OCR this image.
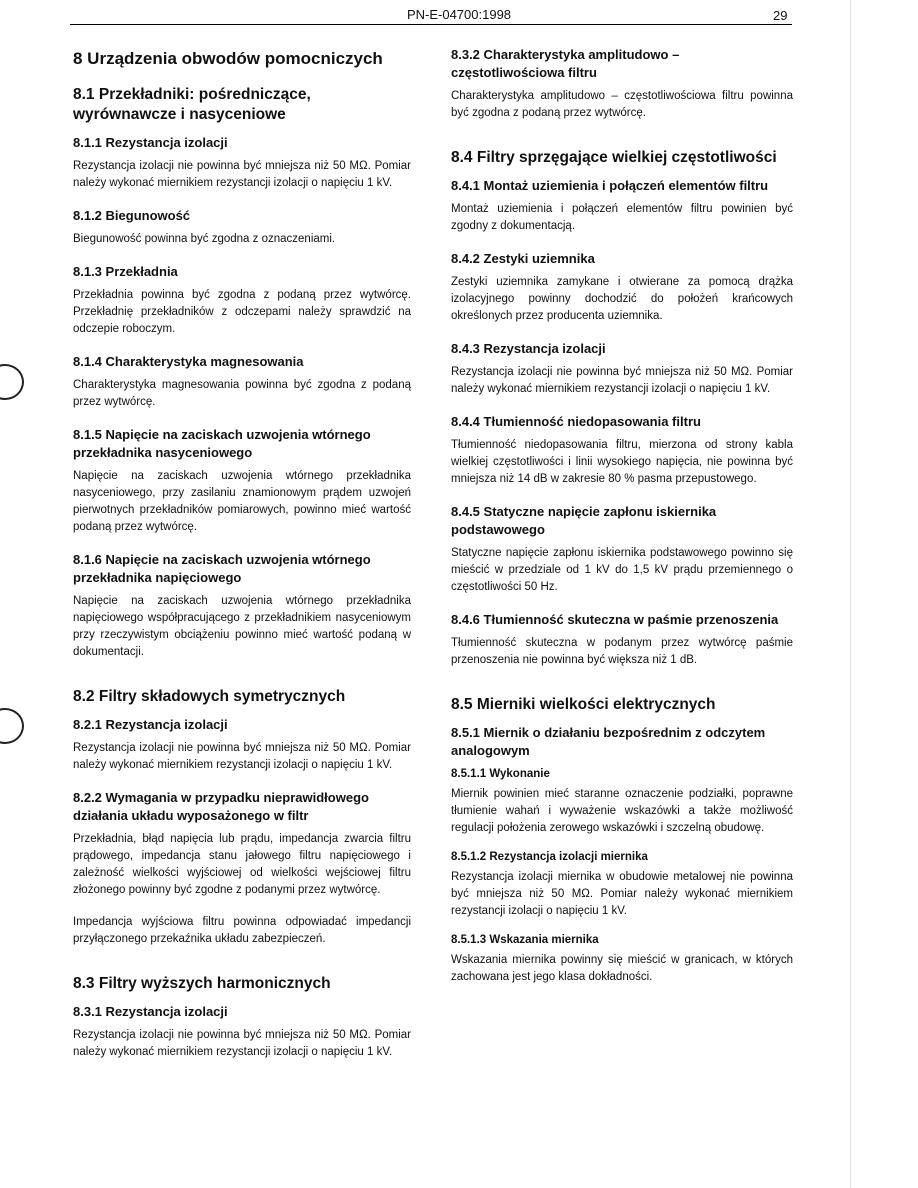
PN-E-04700:1998	29
8 Urządzenia obwodów pomocniczych
8.1 Przekładniki: pośredniczące, wyrównawcze i nasyceniowe
8.1.1 Rezystancja izolacji

Rezystancja izolacji nie powinna być mniejsza niż 50 MΩ. Pomiar należy wykonać miernikiem rezystancji izolacji o napięciu 1 kV.

8.1.2 Biegunowość

Biegunowość powinna być zgodna z oznaczeniami.

8.1.3 Przekładnia

Przekładnia powinna być zgodna z podaną przez wytwórcę. Przekładnię przekładników z odczepami należy sprawdzić na odczepie roboczym.

8.1.4 Charakterystyka magnesowania

Charakterystyka magnesowania powinna być zgodna z podaną przez wytwórcę.

8.1.5 Napięcie na zaciskach uzwojenia wtórnego przekładnika nasyceniowego

Napięcie na zaciskach uzwojenia wtórnego przekładnika nasyceniowego, przy zasilaniu znamionowym prądem uzwojeń pierwotnych przekładników pomiarowych, powinno mieć wartość podaną przez wytwórcę.

8.1.6 Napięcie na zaciskach uzwojenia wtórnego przekładnika napięciowego

Napięcie na zaciskach uzwojenia wtórnego przekładnika napięciowego współpracującego z przekładnikiem nasyceniowym przy rzeczywistym obciążeniu powinno mieć wartość podaną w dokumentacji.

8.2 Filtry składowych symetrycznych
8.2.1 Rezystancja izolacji

Rezystancja izolacji nie powinna być mniejsza niż 50 MΩ. Pomiar należy wykonać miernikiem rezystancji izolacji o napięciu 1 kV.

8.2.2 Wymagania w przypadku nieprawidłowego działania układu wyposażonego w filtr

Przekładnia, błąd napięcia lub prądu, impedancja zwarcia filtru prądowego, impedancja stanu jałowego filtru napięciowego i zależność wielkości wyjściowej od wielkości wejściowej filtru złożonego powinny być zgodne z podanymi przez wytwórcę.

Impedancja wyjściowa filtru powinna odpowiadać impedancji przyłączonego przekaźnika układu zabezpieczeń.

8.3 Filtry wyższych harmonicznych
8.3.1 Rezystancja izolacji

Rezystancja izolacji nie powinna być mniejsza niż 50 MΩ. Pomiar należy wykonać miernikiem rezystancji izolacji o napięciu 1 kV.

8.3.2 Charakterystyka amplitudowo – częstotliwościowa filtru

Charakterystyka amplitudowo – częstotliwościowa filtru powinna być zgodna z podaną przez wytwórcę.

8.4 Filtry sprzęgające wielkiej częstotliwości
8.4.1 Montaż uziemienia i połączeń elementów filtru

Montaż uziemienia i połączeń elementów filtru powinien być zgodny z dokumentacją.

8.4.2 Zestyki uziemnika

Zestyki uziemnika zamykane i otwierane za pomocą drążka izolacyjnego powinny dochodzić do położeń krańcowych określonych przez producenta uziemnika.

8.4.3 Rezystancja izolacji

Rezystancja izolacji nie powinna być mniejsza niż 50 MΩ. Pomiar należy wykonać miernikiem rezystancji izolacji o napięciu 1 kV.

8.4.4 Tłumienność niedopasowania filtru

Tłumienność niedopasowania filtru, mierzona od strony kabla wielkiej częstotliwości i linii wysokiego napięcia, nie powinna być mniejsza niż 14 dB w zakresie 80 % pasma przepustowego.

8.4.5 Statyczne napięcie zapłonu iskiernika podstawowego

Statyczne napięcie zapłonu iskiernika podstawowego powinno się mieścić w przedziale od 1 kV do 1,5 kV prądu przemiennego o częstotliwości 50 Hz.

8.4.6 Tłumienność skuteczna w paśmie przenoszenia

Tłumienność skuteczna w podanym przez wytwórcę paśmie przenoszenia nie powinna być większa niż 1 dB.

8.5 Mierniki wielkości elektrycznych
8.5.1 Miernik o działaniu bezpośrednim z odczytem analogowym
8.5.1.1 Wykonanie

Miernik powinien mieć staranne oznaczenie podziałki, poprawne tłumienie wahań i wyważenie wskazówki a także możliwość regulacji położenia zerowego wskazówki i szczelną obudowę.

8.5.1.2 Rezystancja izolacji miernika

Rezystancja izolacji miernika w obudowie metalowej nie powinna być mniejsza niż 50 MΩ. Pomiar należy wykonać miernikiem rezystancji izolacji o napięciu 1 kV.

8.5.1.3 Wskazania miernika

Wskazania miernika powinny się mieścić w granicach, w których zachowana jest jego klasa dokładności.
